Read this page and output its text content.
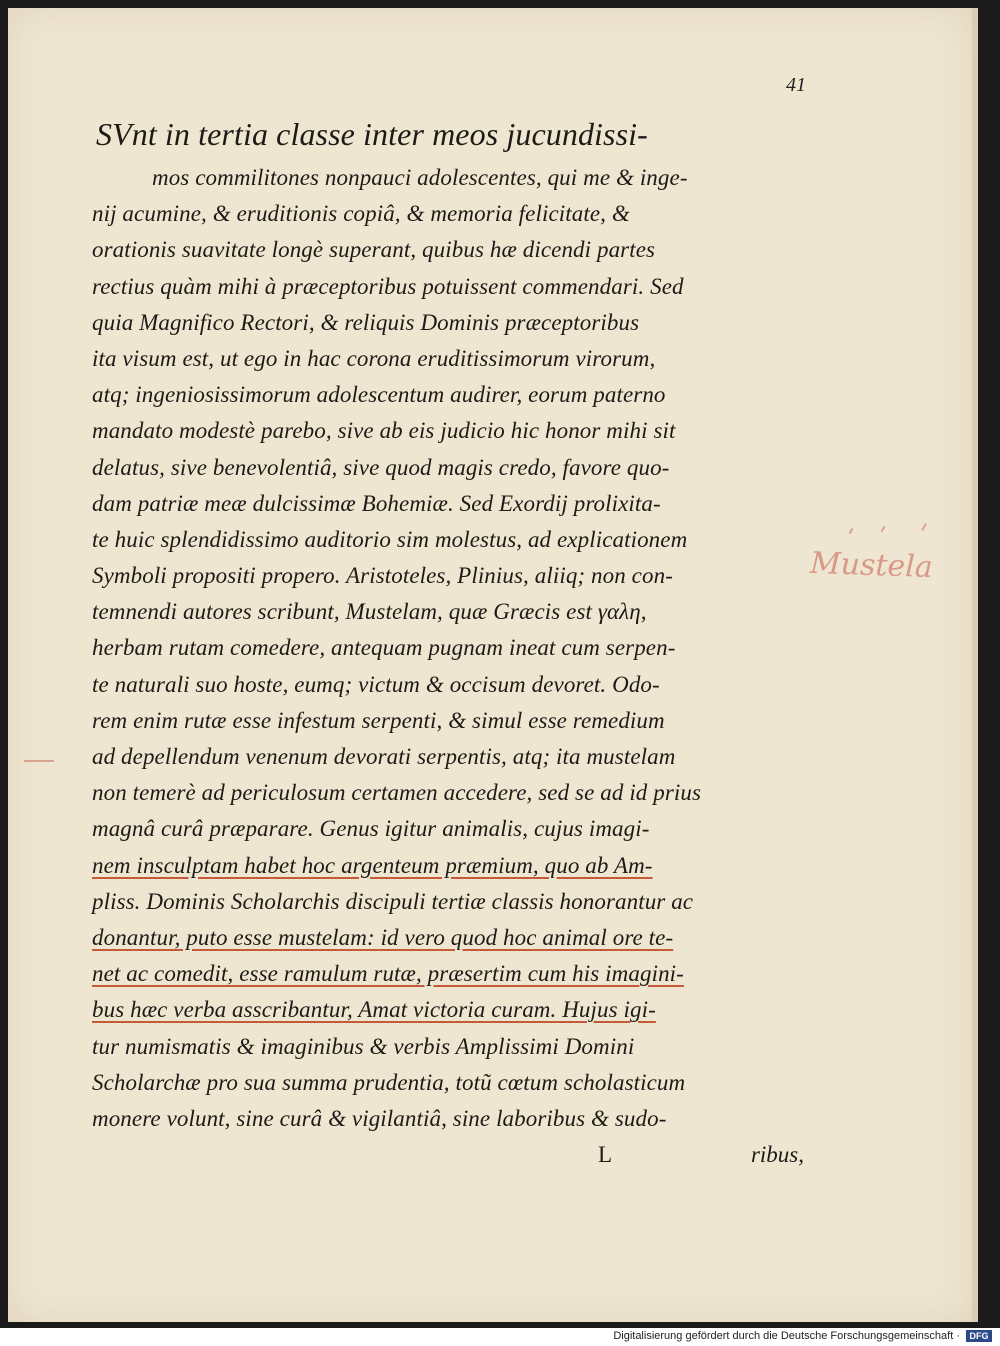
41
SVnt in tertia classe inter meos jucundissi-
mos commilitones nonpauci adolescentes, qui me & inge-
nij acumine, & eruditionis copiâ, & memoria felicitate, &
orationis suavitate longè superant, quibus hæ dicendi partes
rectius quàm mihi à præceptoribus potuissent commendari. Sed
quia Magnifico Rectori, & reliquis Dominis præceptoribus
ita visum est, ut ego in hac corona eruditissimorum virorum,
atq; ingeniosissimorum adolescentum audirer, eorum paterno
mandato modestè parebo, sive ab eis judicio hic honor mihi sit
delatus, sive benevolentiâ, sive quod magis credo, favore quo-
dam patriæ meæ dulcissimæ Bohemiæ. Sed Exordij prolixita-
te huic splendidissimo auditorio sim molestus, ad explicationem
Symboli propositi propero. Aristoteles, Plinius, aliiq; non con-
temnendi autores scribunt, Mustelam, quæ Græcis est γαλη,
herbam rutam comedere, antequam pugnam ineat cum serpen-
te naturali suo hoste, eumq; victum & occisum devoret. Odo-
rem enim rutæ esse infestum serpenti, & simul esse remedium
ad depellendum venenum devorati serpentis, atq; ita mustelam
non temerè ad periculosum certamen accedere, sed se ad id prius
magnâ curâ præparare. Genus igitur animalis, cujus imagi-
nem insculptam habet hoc argenteum præmium, quo ab Am-
pliss. Dominis Scholarchis discipuli tertiæ classis honorantur ac
donantur, puto esse mustelam: id vero quod hoc animal ore te-
net ac comedit, esse ramulum rutæ, præsertim cum his imagini-
bus hæc verba asscribantur, Amat victoria curam. Hujus igi-
tur numismatis & imaginibus & verbis Amplissimi Domini
Scholarchæ pro sua summa prudentia, totũ cœtum scholasticum
monere volunt, sine curâ & vigilantiâ, sine laboribus & sudo-
L	ribus,
Mustela
Digitalisierung gefördert durch die Deutsche Forschungsgemeinschaft ·	DFG
